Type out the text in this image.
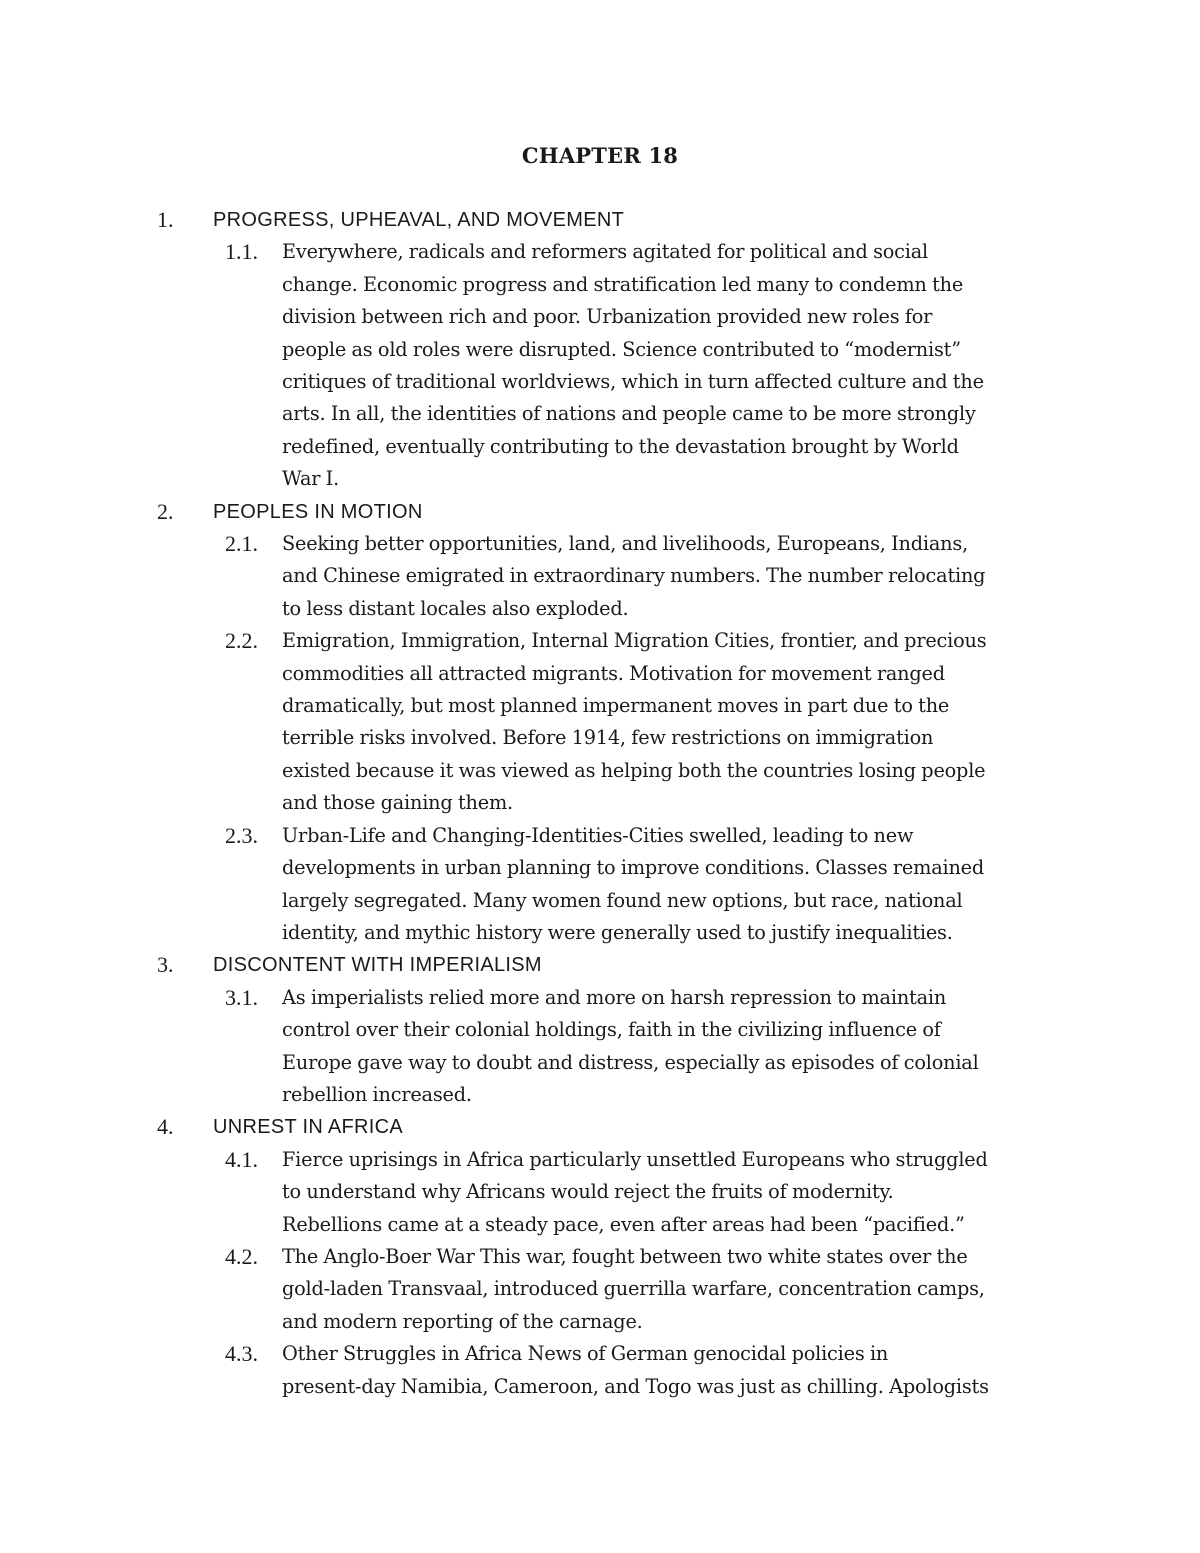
CHAPTER 18
1. PROGRESS, UPHEAVAL, AND MOVEMENT
1.1. Everywhere, radicals and reformers agitated for political and social
change. Economic progress and stratification led many to condemn the
division between rich and poor. Urbanization provided new roles for
people as old roles were disrupted. Science contributed to “modernist”
critiques of traditional worldviews, which in turn affected culture and the
arts. In all, the identities of nations and people came to be more strongly
redefined, eventually contributing to the devastation brought by World
War I.
2. PEOPLES IN MOTION
2.1. Seeking better opportunities, land, and livelihoods, Europeans, Indians,
and Chinese emigrated in extraordinary numbers. The number relocating
to less distant locales also exploded.
2.2. Emigration, Immigration, Internal Migration Cities, frontier, and precious
commodities all attracted migrants. Motivation for movement ranged
dramatically, but most planned impermanent moves in part due to the
terrible risks involved. Before 1914, few restrictions on immigration
existed because it was viewed as helping both the countries losing people
and those gaining them.
2.3. Urban-Life and Changing-Identities-Cities swelled, leading to new
developments in urban planning to improve conditions. Classes remained
largely segregated. Many women found new options, but race, national
identity, and mythic history were generally used to justify inequalities.
3. DISCONTENT WITH IMPERIALISM
3.1. As imperialists relied more and more on harsh repression to maintain
control over their colonial holdings, faith in the civilizing influence of
Europe gave way to doubt and distress, especially as episodes of colonial
rebellion increased.
4. UNREST IN AFRICA
4.1. Fierce uprisings in Africa particularly unsettled Europeans who struggled
to understand why Africans would reject the fruits of modernity.
Rebellions came at a steady pace, even after areas had been “pacified.”
4.2. The Anglo-Boer War This war, fought between two white states over the
gold-laden Transvaal, introduced guerrilla warfare, concentration camps,
and modern reporting of the carnage.
4.3. Other Struggles in Africa News of German genocidal policies in
present-day Namibia, Cameroon, and Togo was just as chilling. Apologists
